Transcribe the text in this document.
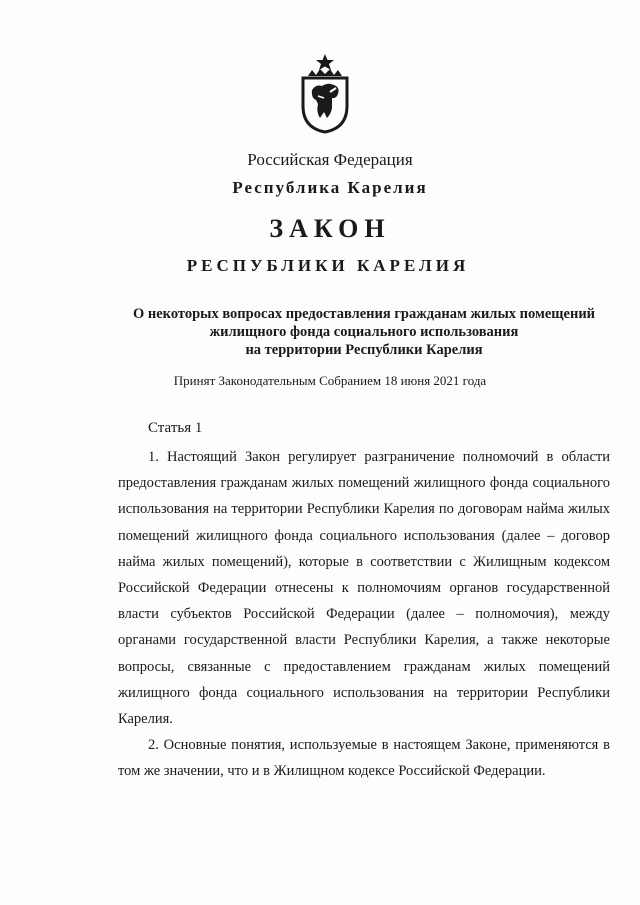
Российская Федерация
Республика Карелия
ЗАКОН
РЕСПУБЛИКИ КАРЕЛИЯ
О некоторых вопросах предоставления гражданам жилых помещений
жилищного фонда социального использования
на территории Республики Карелия
Принят Законодательным Собранием 18 июня 2021 года
Статья 1
1. Настоящий Закон регулирует разграничение полномочий в области предоставления гражданам жилых помещений жилищного фонда социального использования на территории Республики Карелия по договорам найма жилых помещений жилищного фонда социального использования (далее – договор найма жилых помещений), которые в соответствии с Жилищным кодексом Российской Федерации отнесены к полномочиям органов государственной власти субъектов Российской Федерации (далее – полномочия), между органами государственной власти Республики Карелия, а также некоторые вопросы, связанные с предоставлением гражданам жилых помещений жилищного фонда социального использования на территории Республики Карелия.
2. Основные понятия, используемые в настоящем Законе, применяются в том же значении, что и в Жилищном кодексе Российской Федерации.
